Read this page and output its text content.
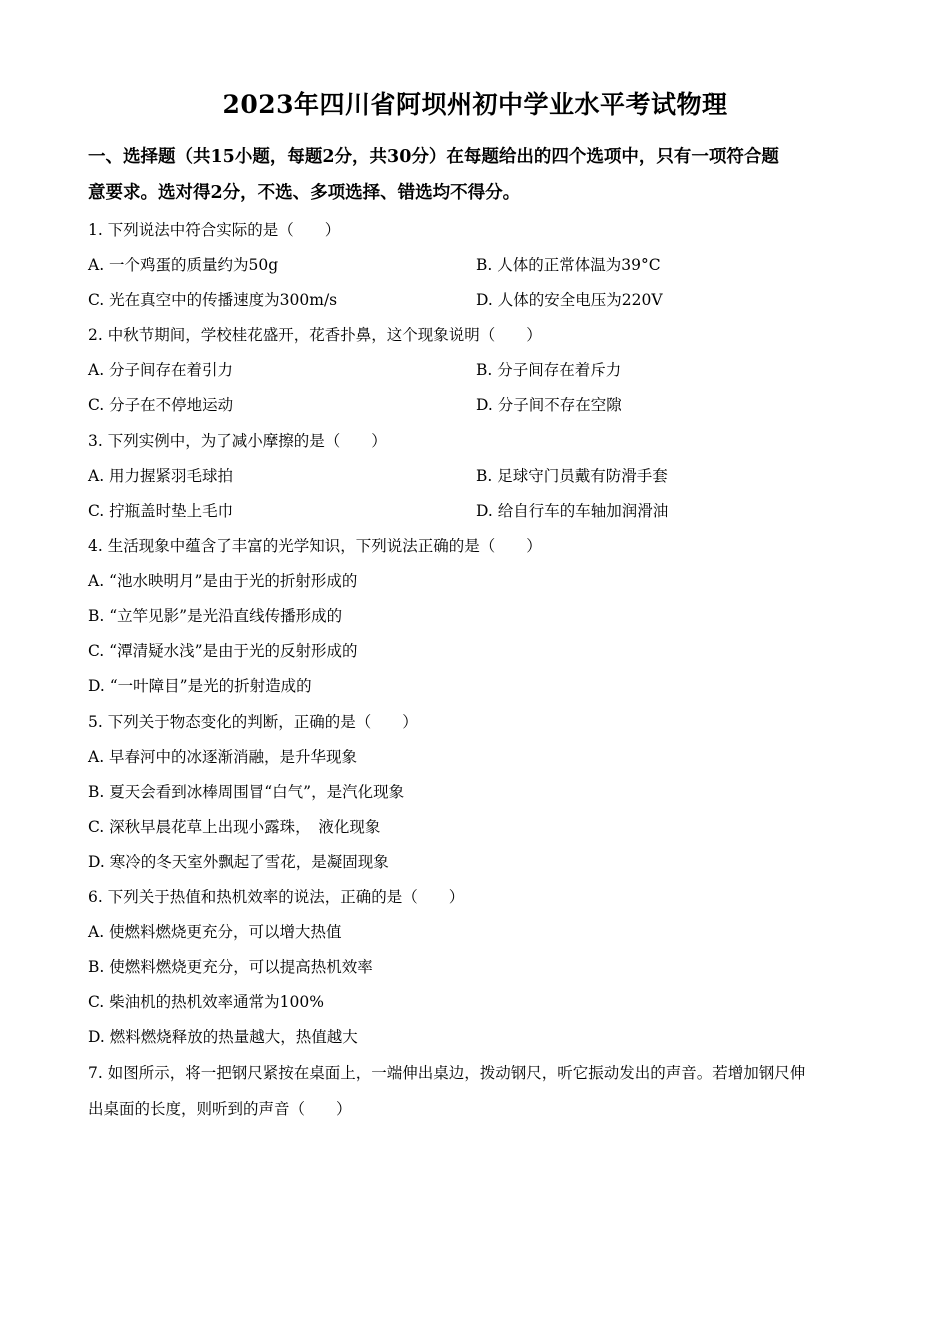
2023年四川省阿坝州初中学业水平考试物理
一、选择题（共15小题，每题2分，共30分）在每题给出的四个选项中，只有一项符合题
意要求。选对得2分，不选、多项选择、错选均不得分。
1. 下列说法中符合实际的是（　　）
A. 一个鸡蛋的质量约为50g	B. 人体的正常体温为39°C
C. 光在真空中的传播速度为300m/s	D. 人体的安全电压为220V
2. 中秋节期间，学校桂花盛开，花香扑鼻，这个现象说明（　　）
A. 分子间存在着引力	B. 分子间存在着斥力
C. 分子在不停地运动	D. 分子间不存在空隙
3. 下列实例中，为了减小摩擦的是（　　）
A. 用力握紧羽毛球拍	B. 足球守门员戴有防滑手套
C. 拧瓶盖时垫上毛巾	D. 给自行车的车轴加润滑油
4. 生活现象中蕴含了丰富的光学知识，下列说法正确的是（　　）
A. “池水映明月”是由于光的折射形成的
B. “立竿见影”是光沿直线传播形成的
C. “潭清疑水浅”是由于光的反射形成的
D. “一叶障目”是光的折射造成的
5. 下列关于物态变化的判断，正确的是（　　）
A. 早春河中的冰逐渐消融，是升华现象
B. 夏天会看到冰棒周围冒“白气”，是汽化现象
C. 深秋早晨花草上出现小露珠，　液化现象
D. 寒冷的冬天室外飘起了雪花，是凝固现象
6. 下列关于热值和热机效率的说法，正确的是（　　）
A. 使燃料燃烧更充分，可以增大热值
B. 使燃料燃烧更充分，可以提高热机效率
C. 柴油机的热机效率通常为100%
D. 燃料燃烧释放的热量越大，热值越大
7. 如图所示，将一把钢尺紧按在桌面上，一端伸出桌边，拨动钢尺，听它振动发出的声音。若增加钢尺伸
出桌面的长度，则听到的声音（　　）
